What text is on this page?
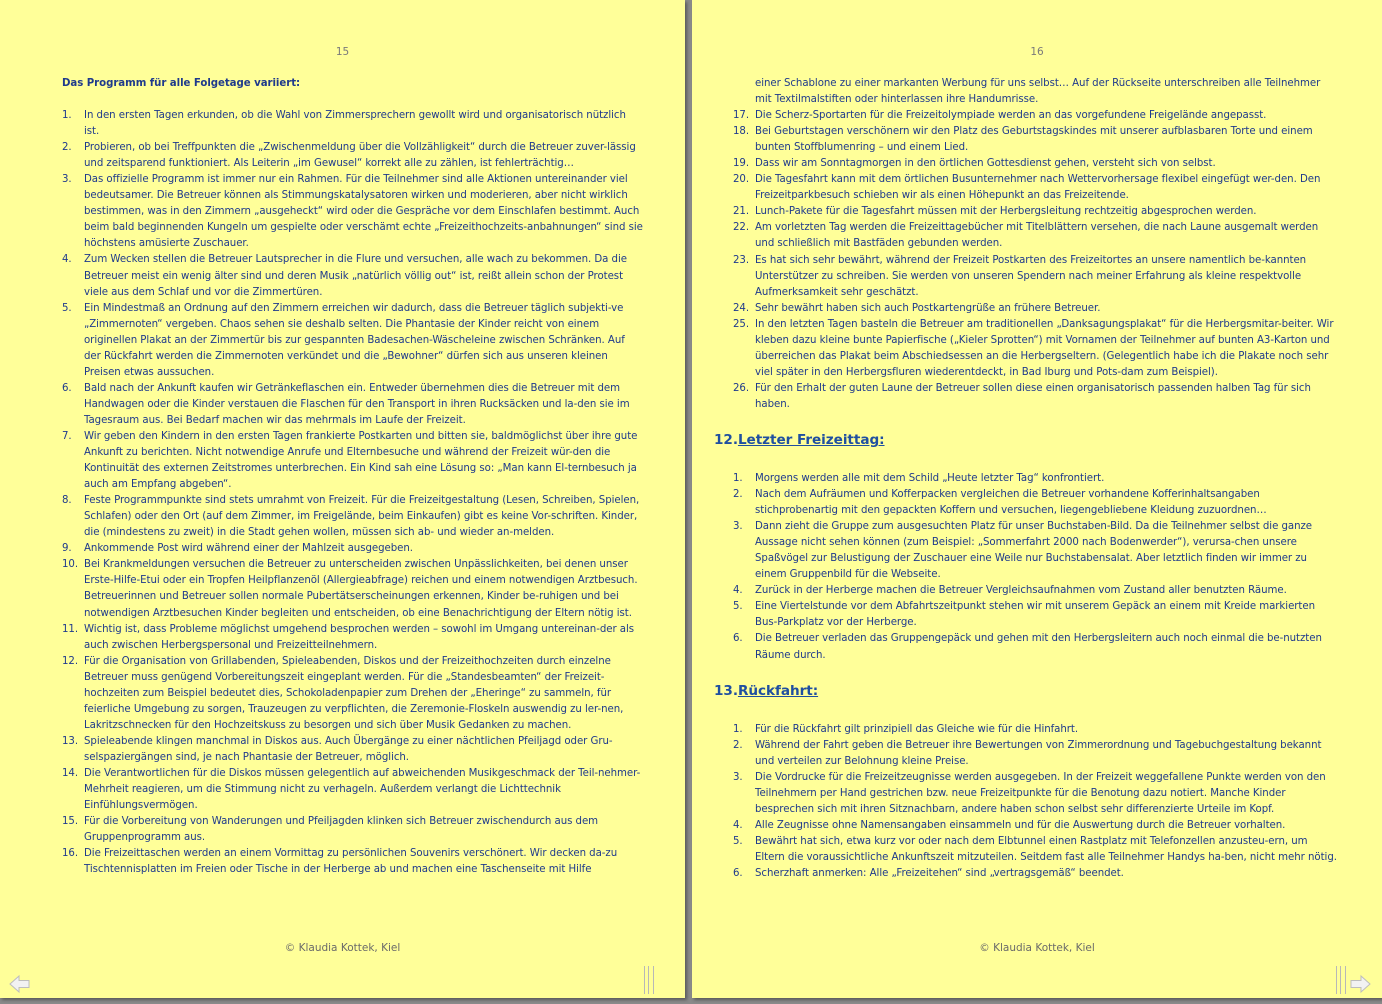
15
Das Programm für alle Folgetage variiert:
1. In den ersten Tagen erkunden, ob die Wahl von Zimmersprechern gewollt wird und organisatorisch nützlich ist.
2. Probieren, ob bei Treffpunkten die „Zwischenmeldung über die Vollzähligkeit“ durch die Betreuer zuver-lässig und zeitsparend funktioniert. Als Leiterin „im Gewusel“ korrekt alle zu zählen, ist fehlerträchtig…
3. Das offizielle Programm ist immer nur ein Rahmen. Für die Teilnehmer sind alle Aktionen untereinander viel bedeutsamer. Die Betreuer können als Stimmungskatalysatoren wirken und moderieren, aber nicht wirklich bestimmen, was in den Zimmern „ausgeheckt“ wird oder die Gespräche vor dem Einschlafen bestimmt. Auch beim bald beginnenden Kungeln um gespielte oder verschämt echte „Freizeithochzeits-anbahnungen“ sind sie höchstens amüsierte Zuschauer.
4. Zum Wecken stellen die Betreuer Lautsprecher in die Flure und versuchen, alle wach zu bekommen. Da die Betreuer meist ein wenig älter sind und deren Musik „natürlich völlig out“ ist, reißt allein schon der Protest viele aus dem Schlaf und vor die Zimmertüren.
5. Ein Mindestmaß an Ordnung auf den Zimmern erreichen wir dadurch, dass die Betreuer täglich subjekti-ve „Zimmernoten“ vergeben. Chaos sehen sie deshalb selten. Die Phantasie der Kinder reicht von einem originellen Plakat an der Zimmertür bis zur gespannten Badesachen-Wäscheleine zwischen Schränken. Auf der Rückfahrt werden die Zimmernoten verkündet und die „Bewohner“ dürfen sich aus unseren kleinen Preisen etwas aussuchen.
6. Bald nach der Ankunft kaufen wir Getränkeflaschen ein. Entweder übernehmen dies die Betreuer mit dem Handwagen oder die Kinder verstauen die Flaschen für den Transport in ihren Rucksäcken und la-den sie im Tagesraum aus. Bei Bedarf machen wir das mehrmals im Laufe der Freizeit.
7. Wir geben den Kindern in den ersten Tagen frankierte Postkarten und bitten sie, baldmöglichst über ihre gute Ankunft zu berichten. Nicht notwendige Anrufe und Elternbesuche und während der Freizeit wür-den die Kontinuität des externen Zeitstromes unterbrechen. Ein Kind sah eine Lösung so: „Man kann El-ternbesuch ja auch am Empfang abgeben“.
8. Feste Programmpunkte sind stets umrahmt von Freizeit. Für die Freizeitgestaltung (Lesen, Schreiben, Spielen, Schlafen) oder den Ort (auf dem Zimmer, im Freigelände, beim Einkaufen) gibt es keine Vor-schriften. Kinder, die (mindestens zu zweit) in die Stadt gehen wollen, müssen sich ab- und wieder an-melden.
9. Ankommende Post wird während einer der Mahlzeit ausgegeben.
10. Bei Krankmeldungen versuchen die Betreuer zu unterscheiden zwischen Unpässlichkeiten, bei denen unser Erste-Hilfe-Etui oder ein Tropfen Heilpflanzenöl (Allergieabfrage) reichen und einem notwendigen Arztbesuch. Betreuerinnen und Betreuer sollen normale Pubertätserscheinungen erkennen, Kinder be-ruhigen und bei notwendigen Arztbesuchen Kinder begleiten und entscheiden, ob eine Benachrichtigung der Eltern nötig ist.
11. Wichtig ist, dass Probleme möglichst umgehend besprochen werden – sowohl im Umgang untereinan-der als auch zwischen Herbergspersonal und Freizeitteilnehmern.
12. Für die Organisation von Grillabenden, Spieleabenden, Diskos und der Freizeithochzeiten durch einzelne Betreuer muss genügend Vorbereitungszeit eingeplant werden. Für die „Standesbeamten“ der Freizeit-hochzeiten zum Beispiel bedeutet dies, Schokoladenpapier zum Drehen der „Eheringe“ zu sammeln, für feierliche Umgebung zu sorgen, Trauzeugen zu verpflichten, die Zeremonie-Floskeln auswendig zu ler-nen, Lakritzschnecken für den Hochzeitskuss zu besorgen und sich über Musik Gedanken zu machen.
13. Spieleabende klingen manchmal in Diskos aus. Auch Übergänge zu einer nächtlichen Pfeiljagd oder Gru-selspaziergängen sind, je nach Phantasie der Betreuer, möglich.
14. Die Verantwortlichen für die Diskos müssen gelegentlich auf abweichenden Musikgeschmack der Teil-nehmer-Mehrheit reagieren, um die Stimmung nicht zu verhageln. Außerdem verlangt die Lichttechnik Einfühlungsvermögen.
15. Für die Vorbereitung von Wanderungen und Pfeiljagden klinken sich Betreuer zwischendurch aus dem Gruppenprogramm aus.
16. Die Freizeittaschen werden an einem Vormittag zu persönlichen Souvenirs verschönert. Wir decken da-zu Tischtennisplatten im Freien oder Tische in der Herberge ab und machen eine Taschenseite mit Hilfe
© Klaudia Kottek, Kiel
16
einer Schablone zu einer markanten Werbung für uns selbst… Auf der Rückseite unterschreiben alle Teilnehmer mit Textilmalstiften oder hinterlassen ihre Handumrisse.
17. Die Scherz-Sportarten für die Freizeitolympiade werden an das vorgefundene Freigelände angepasst.
18. Bei Geburtstagen verschönern wir den Platz des Geburtstagskindes mit unserer aufblasbaren Torte und einem bunten Stoffblumenring – und einem Lied.
19. Dass wir am Sonntagmorgen in den örtlichen Gottesdienst gehen, versteht sich von selbst.
20. Die Tagesfahrt kann mit dem örtlichen Busunternehmer nach Wettervorhersage flexibel eingefügt wer-den. Den Freizeitparkbesuch schieben wir als einen Höhepunkt an das Freizeitende.
21. Lunch-Pakete für die Tagesfahrt müssen mit der Herbergsleitung rechtzeitig abgesprochen werden.
22. Am vorletzten Tag werden die Freizeittagebücher mit Titelblättern versehen, die nach Laune ausgemalt werden und schließlich mit Bastfäden gebunden werden.
23. Es hat sich sehr bewährt, während der Freizeit Postkarten des Freizeitortes an unsere namentlich be-kannten Unterstützer zu schreiben. Sie werden von unseren Spendern nach meiner Erfahrung als kleine respektvolle Aufmerksamkeit sehr geschätzt.
24. Sehr bewährt haben sich auch Postkartengrüße an frühere Betreuer.
25. In den letzten Tagen basteln die Betreuer am traditionellen „Danksagungsplakat“ für die Herbergsmitar-beiter. Wir kleben dazu kleine bunte Papierfische („Kieler Sprotten“) mit Vornamen der Teilnehmer auf bunten A3-Karton und überreichen das Plakat beim Abschiedsessen an die Herbergseltern. (Gelegentlich habe ich die Plakate noch sehr viel später in den Herbergsfluren wiederentdeckt, in Bad Iburg und Pots-dam zum Beispiel).
26. Für den Erhalt der guten Laune der Betreuer sollen diese einen organisatorisch passenden halben Tag für sich haben.
12.Letzter Freizeittag:
1. Morgens werden alle mit dem Schild „Heute letzter Tag“ konfrontiert.
2. Nach dem Aufräumen und Kofferpacken vergleichen die Betreuer vorhandene Kofferinhaltsangaben stichprobenartig mit den gepackten Koffern und versuchen, liegengebliebene Kleidung zuzuordnen…
3. Dann zieht die Gruppe zum ausgesuchten Platz für unser Buchstaben-Bild. Da die Teilnehmer selbst die ganze Aussage nicht sehen können (zum Beispiel: „Sommerfahrt 2000 nach Bodenwerder“), verursa-chen unsere Spaßvögel zur Belustigung der Zuschauer eine Weile nur Buchstabensalat. Aber letztlich finden wir immer zu einem Gruppenbild für die Webseite.
4. Zurück in der Herberge machen die Betreuer Vergleichsaufnahmen vom Zustand aller benutzten Räume.
5. Eine Viertelstunde vor dem Abfahrtszeitpunkt stehen wir mit unserem Gepäck an einem mit Kreide markierten Bus-Parkplatz vor der Herberge.
6. Die Betreuer verladen das Gruppengepäck und gehen mit den Herbergsleitern auch noch einmal die be-nutzten Räume durch.
13.Rückfahrt:
1. Für die Rückfahrt gilt prinzipiell das Gleiche wie für die Hinfahrt.
2. Während der Fahrt geben die Betreuer ihre Bewertungen von Zimmerordnung und Tagebuchgestaltung bekannt und verteilen zur Belohnung kleine Preise.
3. Die Vordrucke für die Freizeitzeugnisse werden ausgegeben. In der Freizeit weggefallene Punkte werden von den Teilnehmern per Hand gestrichen bzw. neue Freizeitpunkte für die Benotung dazu notiert. Manche Kinder besprechen sich mit ihren Sitznachbarn, andere haben schon selbst sehr differenzierte Urteile im Kopf.
4. Alle Zeugnisse ohne Namensangaben einsammeln und für die Auswertung durch die Betreuer vorhalten.
5. Bewährt hat sich, etwa kurz vor oder nach dem Elbtunnel einen Rastplatz mit Telefonzellen anzusteu-ern, um Eltern die voraussichtliche Ankunftszeit mitzuteilen. Seitdem fast alle Teilnehmer Handys ha-ben, nicht mehr nötig.
6. Scherzhaft anmerken: Alle „Freizeitehen“ sind „vertragsgemäß“ beendet.
© Klaudia Kottek, Kiel
